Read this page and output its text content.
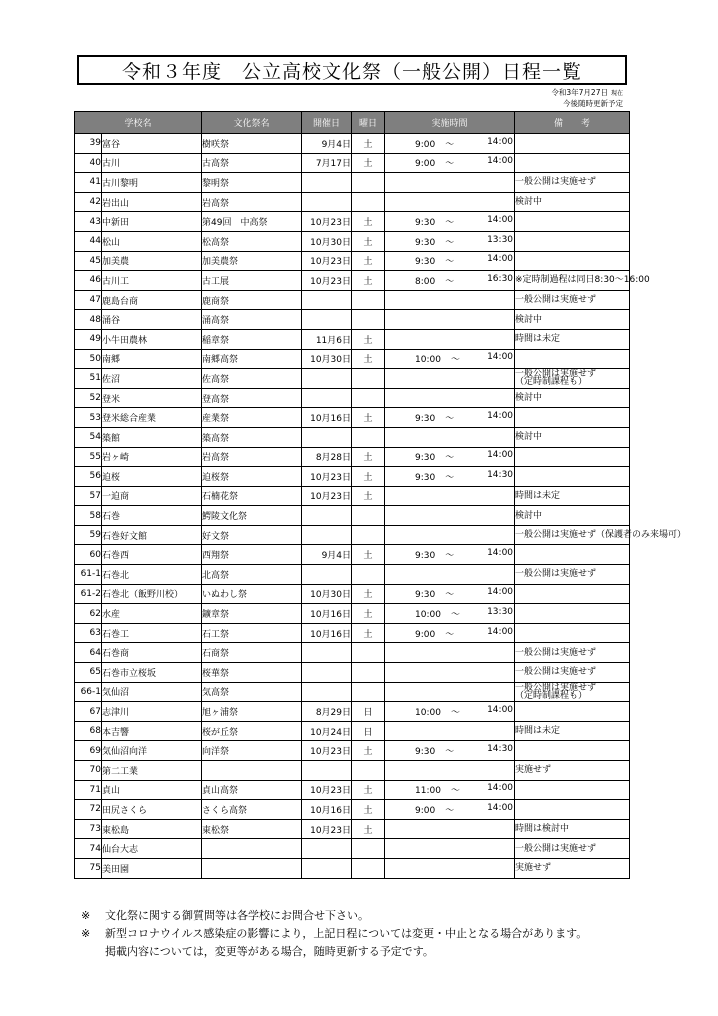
令和３年度　公立高校文化祭（一般公開）日程一覧
令和3年7月27日 現在
今後随時更新予定
学校名		文化祭名	開催日	曜日	実施時間	備　　考
39	富谷	樹咲祭	9月4日	土	9:00 ～ 14:00	

40	古川	古高祭	7月17日	土	9:00 ～ 14:00	

41	古川黎明	黎明祭				一般公開は実施せず
42	岩出山	岩高祭				検討中
43	中新田	第49回　中高祭	10月23日	土	9:30 ～ 14:00	

44	松山	松高祭	10月30日	土	9:30 ～ 13:30	

45	加美農	加美農祭	10月23日	土	9:30 ～ 14:00	

46	古川工	古工展	10月23日	土	8:00 ～ 16:30	※定時制過程は同日8:30～16:00
47	鹿島台商	鹿商祭				一般公開は実施せず
48	涌谷	涌高祭				検討中
49	小牛田農林	稲章祭	11月6日	土		時間は未定
50	南郷	南郷高祭	10月30日	土	10:00 ～ 14:00	

51	佐沼	佐高祭				一般公開は実施せず
（定時制課程も）
52	登米	登高祭				検討中
53	登米総合産業	産業祭	10月16日	土	9:30 ～ 14:00	

54	築館	築高祭				検討中
55	岩ヶ崎	岩高祭	8月28日	土	9:30 ～ 14:00	

56	迫桜	迫桜祭	10月23日	土	9:30 ～ 14:30	

57	一迫商	石楠花祭	10月23日	土		時間は未定
58	石巻	鰐陵文化祭				検討中
59	石巻好文館	好文祭				一般公開は実施せず（保護者のみ来場可）
60	石巻西	西翔祭	9月4日	土	9:30 ～ 14:00	

61-1	石巻北	北高祭				一般公開は実施せず
61-2	石巻北（飯野川校）	いぬわし祭	10月30日	土	9:30 ～ 14:00	

62	水産	鑛章祭	10月16日	土	10:00 ～ 13:30	

63	石巻工	石工祭	10月16日	土	9:00 ～ 14:00	

64	石巻商	石商祭				一般公開は実施せず
65	石巻市立桜坂	桜華祭				一般公開は実施せず
66-1	気仙沼	気高祭				一般公開は実施せず
（定時制課程も）
67	志津川	旭ヶ浦祭	8月29日	日	10:00 ～ 14:00	

68	本吉響	桜が丘祭	10月24日	日		時間は未定
69	気仙沼向洋	向洋祭	10月23日	土	9:30 ～ 14:30	

70	第二工業					実施せず
71	貞山	貞山高祭	10月23日	土	11:00 ～ 14:00	

72	田尻さくら	さくら高祭	10月16日	土	9:00 ～ 14:00	

73	東松島	東松祭	10月23日	土		時間は検討中
74	仙台大志					一般公開は実施せず
75	美田園					実施せず
※	文化祭に関する御質問等は各学校にお問合せ下さい。
※	新型コロナウイルス感染症の影響により，上記日程については変更・中止となる場合があります。
掲載内容については，変更等がある場合，随時更新する予定です。
